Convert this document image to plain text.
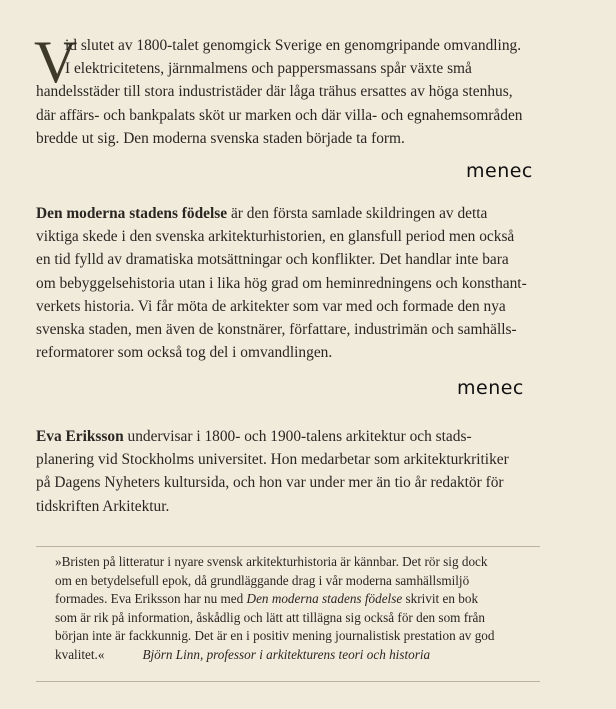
V

id slutet av 1800-talet genomgick Sverige en genomgripande omvandling.
I elektricitetens, järnmalmens och pappersmassans spår växte små
handelsstäder till stora industristäder där låga trähus ersattes av höga stenhus,
där affärs- och bankpalats sköt ur marken och där villa- och egnahemsområden
bredde ut sig. Den moderna svenska staden började ta form.

menec

Den moderna stadens födelse är den första samlade skildringen av detta
viktiga skede i den svenska arkitekturhistorien, en glansfull period men också
en tid fylld av dramatiska motsättningar och konflikter. Det handlar inte bara
om bebyggelsehistoria utan i lika hög grad om heminredningens och konsthant-
verkets historia. Vi får möta de arkitekter som var med och formade den nya
svenska staden, men även de konstnärer, författare, industrimän och samhälls-
reformatorer som också tog del i omvandlingen.

menec

Eva Eriksson undervisar i 1800- och 1900-talens arkitektur och stads-
planering vid Stockholms universitet. Hon medarbetar som arkitekturkritiker
på Dagens Nyheters kultursida, och hon var under mer än tio år redaktör för
tidskriften Arkitektur.

»Bristen på litteratur i nyare svensk arkitekturhistoria är kännbar. Det rör sig dock
om en betydelsefull epok, då grundläggande drag i vår moderna samhällsmiljö
formades. Eva Eriksson har nu med Den moderna stadens födelse skrivit en bok
som är rik på information, åskådlig och lätt att tillägna sig också för den som från
början inte är fackkunnig. Det är en i positiv mening journalistisk prestation av god
kvalitet.«	Björn Linn, professor i arkitekturens teori och historia
